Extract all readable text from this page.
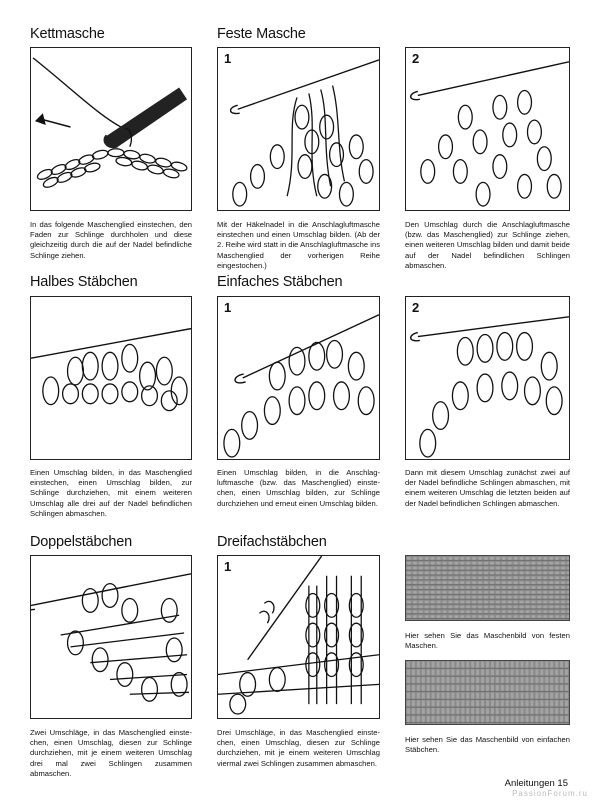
Kettmasche	Feste Masche
1	2
In das folgende Maschenglied einstechen, den Faden zur Schlinge durchholen und diese gleichzeitig durch die auf der Nadel befindliche Schlinge ziehen.
Mit der Häkelnadel in die Anschlagluftmasche einstechen und einen Umschlag bilden. (Ab der 2. Reihe wird statt in die Anschlagluftmasche ins Maschenglied der vorherigen Reihe eingestochen.)
Den Umschlag durch die Anschlagluftmasche (bzw. das Maschenglied) zur Schlinge ziehen, einen weiteren Umschlag bilden und damit beide auf der Nadel befindlichen Schlingen abmaschen.
Halbes Stäbchen	Einfaches Stäbchen
1	2
Einen Umschlag bilden, in das Maschenglied einstechen, einen Umschlag bilden, zur Schlinge durchziehen, mit einem weiteren Umschlag alle drei auf der Nadel befindlichen Schlingen abmaschen.
Einen Umschlag bilden, in die Anschlag-luftmasche (bzw. das Maschenglied) einste-chen, einen Umschlag bilden, zur Schlinge durchziehen und erneut einen Umschlag bilden.
Dann mit diesem Umschlag zunächst zwei auf der Nadel befindliche Schlingen abmaschen, mit einem weiteren Umschlag die letzten beiden auf der Nadel befindlichen Schlingen abmaschen.
Doppelstäbchen	Dreifachstäbchen
1
Zwei Umschläge, in das Maschenglied einste-chen, einen Umschlag, diesen zur Schlinge durchziehen, mit je einem weiteren Umschlag drei mal zwei Schlingen zusammen abmaschen.
Drei Umschläge, in das Maschenglied einste-chen, einen Umschlag, diesen zur Schlinge durchziehen, mit je einem weiteren Umschlag viermal zwei Schlingen zusammen abmaschen.
Hier sehen Sie das Maschenbild von festen Maschen.
Hier sehen Sie das Maschenbild von einfachen Stäbchen.
Anleitungen 15
PassionForum.ru
